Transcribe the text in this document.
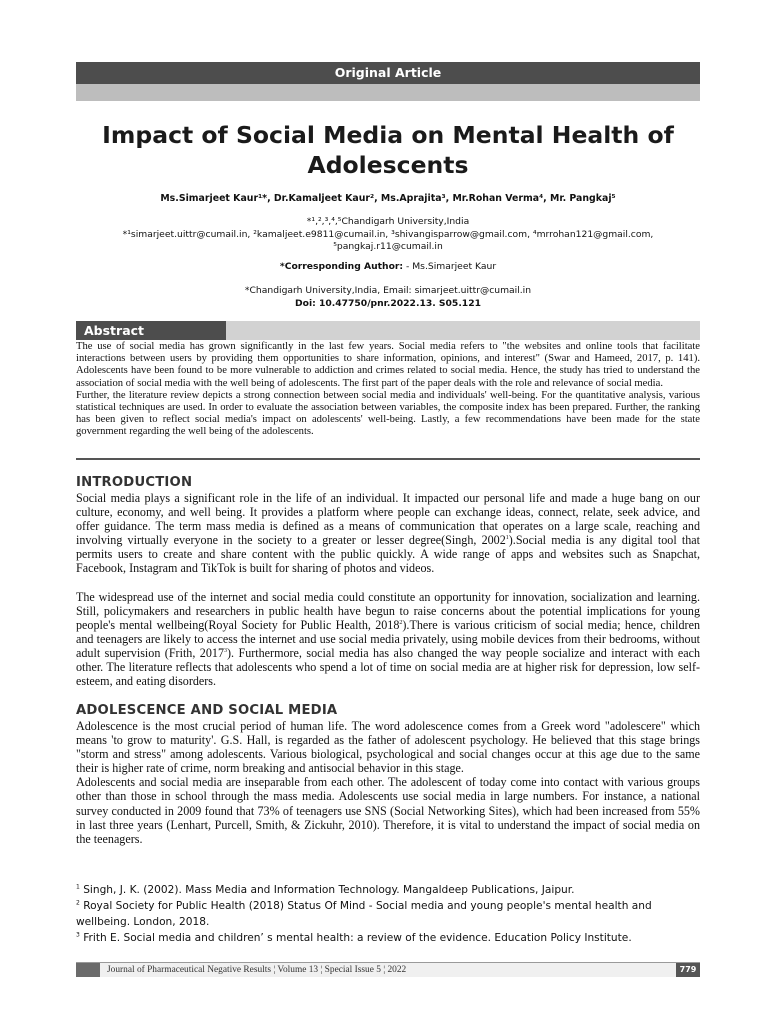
Original Article
Impact of Social Media on Mental Health of Adolescents
Ms.Simarjeet Kaur¹*, Dr.Kamaljeet Kaur², Ms.Aprajita³, Mr.Rohan Verma⁴, Mr. Pangkaj⁵
*¹,²,³,⁴,⁵Chandigarh University,India
*¹simarjeet.uittr@cumail.in, ²kamaljeet.e9811@cumail.in, ³shivangisparrow@gmail.com, ⁴mrrohan121@gmail.com,
⁵pangkaj.r11@cumail.in
*Corresponding Author: - Ms.Simarjeet Kaur
*Chandigarh University,India, Email: simarjeet.uittr@cumail.in
Doi: 10.47750/pnr.2022.13. S05.121
Abstract

The use of social media has grown significantly in the last few years. Social media refers to "the websites and online tools that facilitate interactions between users by providing them opportunities to share information, opinions, and interest" (Swar and Hameed, 2017, p. 141). Adolescents have been found to be more vulnerable to addiction and crimes related to social media. Hence, the study has tried to understand the association of social media with the well being of adolescents. The first part of the paper deals with the role and relevance of social media.

Further, the literature review depicts a strong connection between social media and individuals' well-being. For the quantitative analysis, various statistical techniques are used. In order to evaluate the association between variables, the composite index has been prepared. Further, the ranking has been given to reflect social media's impact on adolescents' well-being. Lastly, a few recommendations have been made for the state government regarding the well being of the adolescents.

INTRODUCTION

Social media plays a significant role in the life of an individual. It impacted our personal life and made a huge bang on our culture, economy, and well being. It provides a platform where people can exchange ideas, connect, relate, seek advice, and offer guidance. The term mass media is defined as a means of communication that operates on a large scale, reaching and involving virtually everyone in the society to a greater or lesser degree(Singh, 2002$^1$).Social media is any digital tool that permits users to create and share content with the public quickly. A wide range of apps and websites such as Snapchat, Facebook, Instagram and TikTok is built for sharing of photos and videos.

The widespread use of the internet and social media could constitute an opportunity for innovation, socialization and learning. Still, policymakers and researchers in public health have begun to raise concerns about the potential implications for young people's mental wellbeing(Royal Society for Public Health, 2018$^2$).There is various criticism of social media; hence, children and teenagers are likely to access the internet and use social media privately, using mobile devices from their bedrooms, without adult supervision (Frith, 2017$^3$). Furthermore, social media has also changed the way people socialize and interact with each other. The literature reflects that adolescents who spend a lot of time on social media are at higher risk for depression, low self-esteem, and eating disorders.

ADOLESCENCE AND SOCIAL MEDIA

Adolescence is the most crucial period of human life. The word adolescence comes from a Greek word "adolescere" which means 'to grow to maturity'. G.S. Hall, is regarded as the father of adolescent psychology. He believed that this stage brings "storm and stress" among adolescents. Various biological, psychological and social changes occur at this age due to the same their is higher rate of crime, norm breaking and antisocial behavior in this stage.

Adolescents and social media are inseparable from each other. The adolescent of today come into contact with various groups other than those in school through the mass media. Adolescents use social media in large numbers. For instance, a national survey conducted in 2009 found that 73% of teenagers use SNS (Social Networking Sites), which had been increased from 55% in last three years (Lenhart, Purcell, Smith, & Zickuhr, 2010). Therefore, it is vital to understand the impact of social media on the teenagers.

$^1$ Singh, J. K. (2002). Mass Media and Information Technology. Mangaldeep Publications, Jaipur.

$^2$ Royal Society for Public Health (2018) Status Of Mind - Social media and young people's mental health and wellbeing. London, 2018.

$^3$ Frith E. Social media and children’ s mental health: a review of the evidence. Education Policy Institute.

Journal of Pharmaceutical Negative Results ¦ Volume 13 ¦ Special Issue 5 ¦ 2022	779
